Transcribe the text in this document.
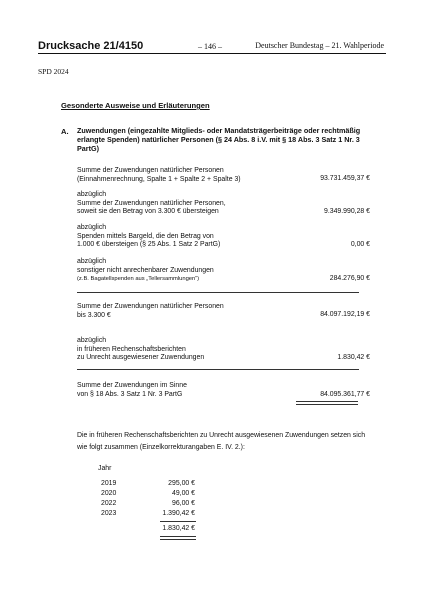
Drucksache 21/4150	– 146 –	Deutscher Bundestag – 21. Wahlperiode
SPD 2024
Gesonderte Ausweise und Erläuterungen
A. Zuwendungen (eingezahlte Mitglieds- oder Mandatsträgerbeiträge oder rechtmäßig erlangte Spenden) natürlicher Personen (§ 24 Abs. 8 i.V. mit § 18 Abs. 3 Satz 1 Nr. 3 PartG)
Summe der Zuwendungen natürlicher Personen
(Einnahmenrechnung, Spalte 1 + Spalte 2 + Spalte 3)	93.731.459,37 €
abzüglich
Summe der Zuwendungen natürlicher Personen,
soweit sie den Betrag von 3.300 € übersteigen	9.349.990,28 €
abzüglich
Spenden mittels Bargeld, die den Betrag von
1.000 € übersteigen (§ 25 Abs. 1 Satz 2 PartG)	0,00 €
abzüglich
sonstiger nicht anrechenbarer Zuwendungen
(z.B. Bagatellspenden aus „Tellersammlungen“)	284.276,90 €
Summe der Zuwendungen natürlicher Personen
bis 3.300 €	84.097.192,19 €
abzüglich
in früheren Rechenschaftsberichten
zu Unrecht ausgewiesener Zuwendungen	1.830,42 €
Summe der Zuwendungen im Sinne
von § 18 Abs. 3 Satz 1 Nr. 3 PartG	84.095.361,77 €
Die in früheren Rechenschaftsberichten zu Unrecht ausgewiesenen Zuwendungen setzen sich wie folgt zusammen (Einzelkorrekturangaben E. IV. 2.):
Jahr
2019	295,00 €
2020	49,00 €
2022	96,00 €
2023	1.390,42 €
1.830,42 €
